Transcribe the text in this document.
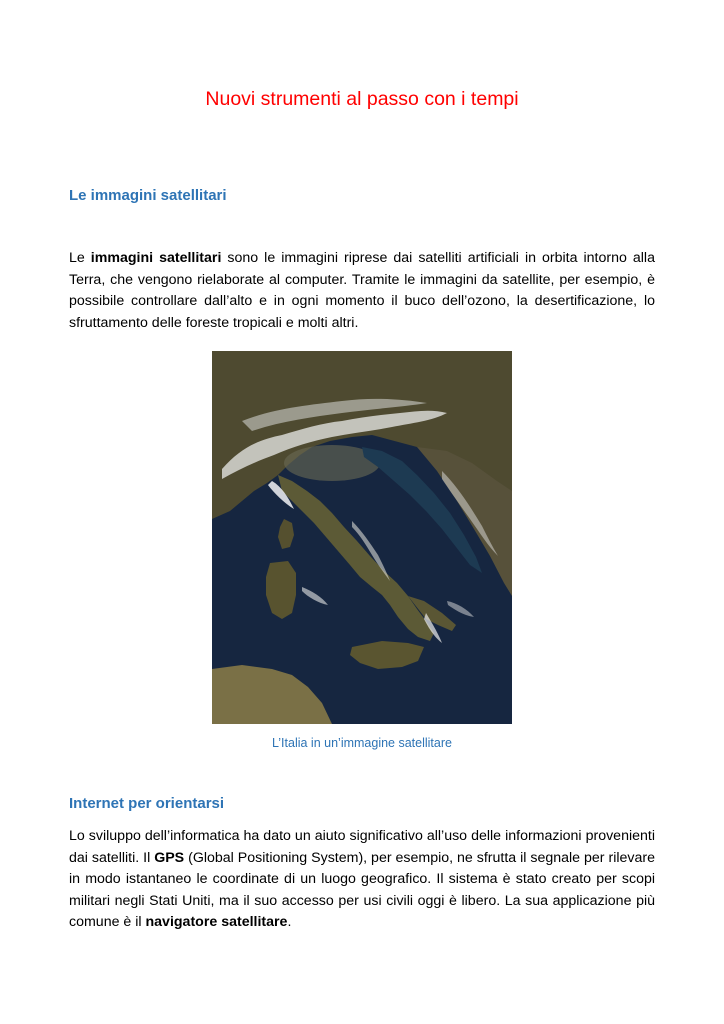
Nuovi strumenti al passo con i tempi
Le immagini satellitari

Le immagini satellitari sono le immagini riprese dai satelliti artificiali in orbita intorno alla Terra, che vengono rielaborate al computer. Tramite le immagini da satellite, per esempio, è possibile controllare dall’alto e in ogni momento il buco dell’ozono, la desertificazione, lo sfruttamento delle foreste tropicali e molti altri.

L’Italia in un’immagine satellitare

Internet per orientarsi

Lo sviluppo dell’informatica ha dato un aiuto significativo all’uso delle informazioni provenienti dai satelliti. Il GPS (Global Positioning System), per esempio, ne sfrutta il segnale per rilevare in modo istantaneo le coordinate di un luogo geografico. Il sistema è stato creato per scopi militari negli Stati Uniti, ma il suo accesso per usi civili oggi è libero. La sua applicazione più comune è il navigatore satellitare.
